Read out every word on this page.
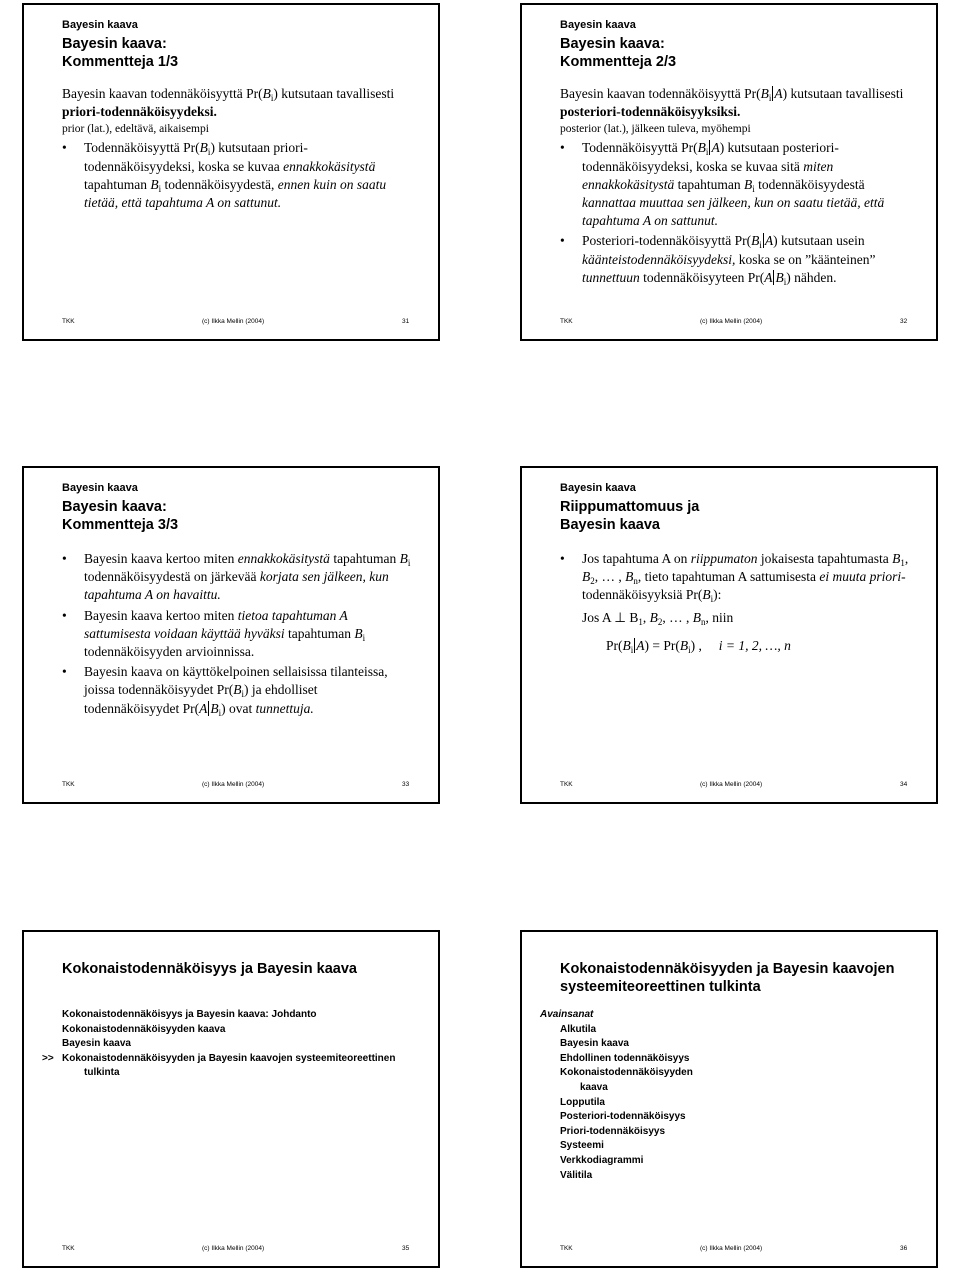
Bayesin kaava
Bayesin kaava:
Kommentteja 1/3

Bayesin kaavan todennäköisyyttä $Pr(B_i)$ kutsutaan tavallisesti priori-todennäköisyydeksi.

prior (lat.), edeltävä, aikaisempi

• Todennäköisyyttä $Pr(B_i)$ kutsutaan priori-todennäköisyydeksi, koska se kuvaa ennakkokäsitystä tapahtuman $B_i$ todennäköisyydestä, ennen kuin on saatu tietää, että tapahtuma A on sattunut.
TKK	(c) Ilkka Mellin (2004)	31
Bayesin kaava
Bayesin kaava:
Kommentteja 2/3

Bayesin kaavan todennäköisyyttä $Pr(B_i$ A) kutsutaan tavallisesti posteriori-todennäköisyyksiksi.

posterior (lat.), jälkeen tuleva, myöhempi

• Todennäköisyyttä $Pr(B_i$ A) kutsutaan posteriori-todennäköisyydeksi, koska se kuvaa sitä miten ennakkokäsitystä tapahtuman $B_i$ todennäköisyydestä kannattaa muuttaa sen jälkeen, kun on saatu tietää, että tapahtuma A on sattunut.
• Posteriori-todennäköisyyttä $Pr(B_i$ A) kutsutaan usein käänteistodennäköisyydeksi, koska se on ”käänteinen” tunnettuun todennäköisyyteen Pr(A $B_i$) nähden.
TKK	(c) Ilkka Mellin (2004)	32
Bayesin kaava
Bayesin kaava:
Kommentteja 3/3
• Bayesin kaava kertoo miten ennakkokäsitystä tapahtuman $B_i$ todennäköisyydestä on järkevää korjata sen jälkeen, kun tapahtuma A on havaittu.
• Bayesin kaava kertoo miten tietoa tapahtuman A sattumisesta voidaan käyttää hyväksi tapahtuman $B_i$ todennäköisyyden arvioinnissa.
• Bayesin kaava on käyttökelpoinen sellaisissa tilanteissa, joissa todennäköisyydet $Pr(B_i)$ ja ehdolliset todennäköisyydet Pr(A $B_i$) ovat tunnettuja.
TKK	(c) Ilkka Mellin (2004)	33
Bayesin kaava
Riippumattomuus ja
Bayesin kaava
• Jos tapahtuma A on riippumaton jokaisesta tapahtumasta $B_1$, $B_2$, … , $B_n$, tieto tapahtuman A sattumisesta ei muuta priori-todennäköisyyksiä $Pr(B_i)$:

Jos A ⊥ $B_1$, $B_2$, … , $B_n$, niin

$Pr(B_i$ $A) = Pr(B_i)$ ,     i = 1, 2, …, n
TKK	(c) Ilkka Mellin (2004)	34
Kokonaistodennäköisyys ja Bayesin kaava
Kokonaistodennäköisyys ja Bayesin kaava: Johdanto
Kokonaistodennäköisyyden kaava
Bayesin kaava
>> Kokonaistodennäköisyyden ja Bayesin kaavojen systeemiteoreettinen
tulkinta
TKK	(c) Ilkka Mellin (2004)	35
Kokonaistodennäköisyyden ja Bayesin kaavojen
systeemiteoreettinen tulkinta
Avainsanat
Alkutila
Bayesin kaava
Ehdollinen todennäköisyys
Kokonaistodennäköisyyden
kaava
Lopputila
Posteriori-todennäköisyys
Priori-todennäköisyys
Systeemi
Verkkodiagrammi
Välitila
TKK	(c) Ilkka Mellin (2004)	36
